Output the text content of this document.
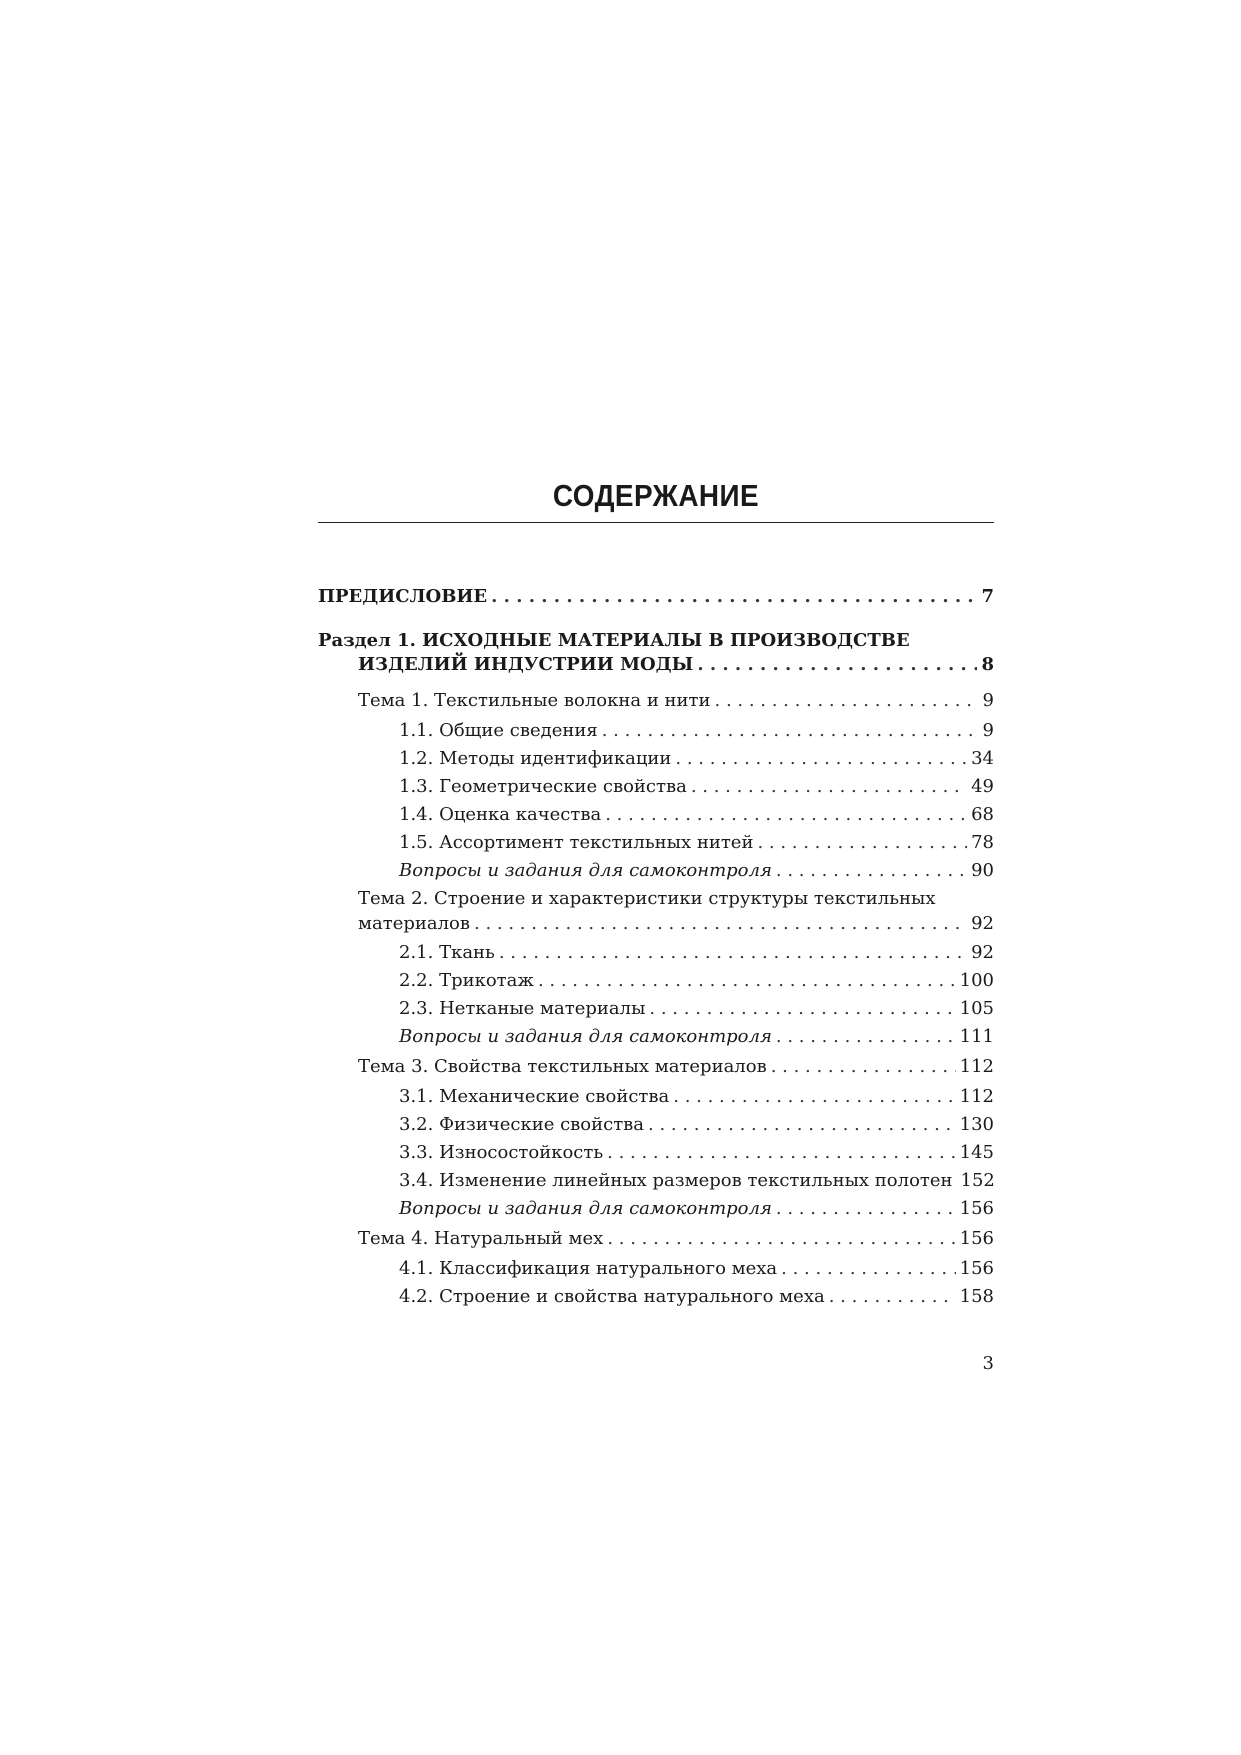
СОДЕРЖАНИЕ
ПРЕДИСЛОВИЕ . . .	7
Раздел 1. ИСХОДНЫЕ МАТЕРИАЛЫ В ПРОИЗВОДСТВЕ
ИЗДЕЛИЙ ИНДУСТРИИ МОДЫ . . .	8
Тема 1. Текстильные волокна и нити . . .	9
1.1. Общие сведения . . .	9
1.2. Методы идентификации . . .	34
1.3. Геометрические свойства . . .	49
1.4. Оценка качества . . .	68
1.5. Ассортимент текстильных нитей . . .	78
Вопросы и задания для самоконтроля . . .	90
Тема 2. Строение и характеристики структуры текстильных
материалов . . .	92
2.1. Ткань . . .	92
2.2. Трикотаж . . .	100
2.3. Нетканые материалы . . .	105
Вопросы и задания для самоконтроля . . .	111
Тема 3. Свойства текстильных материалов . . .	112
3.1. Механические свойства . . .	112
3.2. Физические свойства . . .	130
3.3. Износостойкость . . .	145
3.4. Изменение линейных размеров текстильных полотен 152
Вопросы и задания для самоконтроля . . .	156
Тема 4. Натуральный мех . . .	156
4.1. Классификация натурального меха . . .	156
4.2. Строение и свойства натурального меха . . .	158
3
